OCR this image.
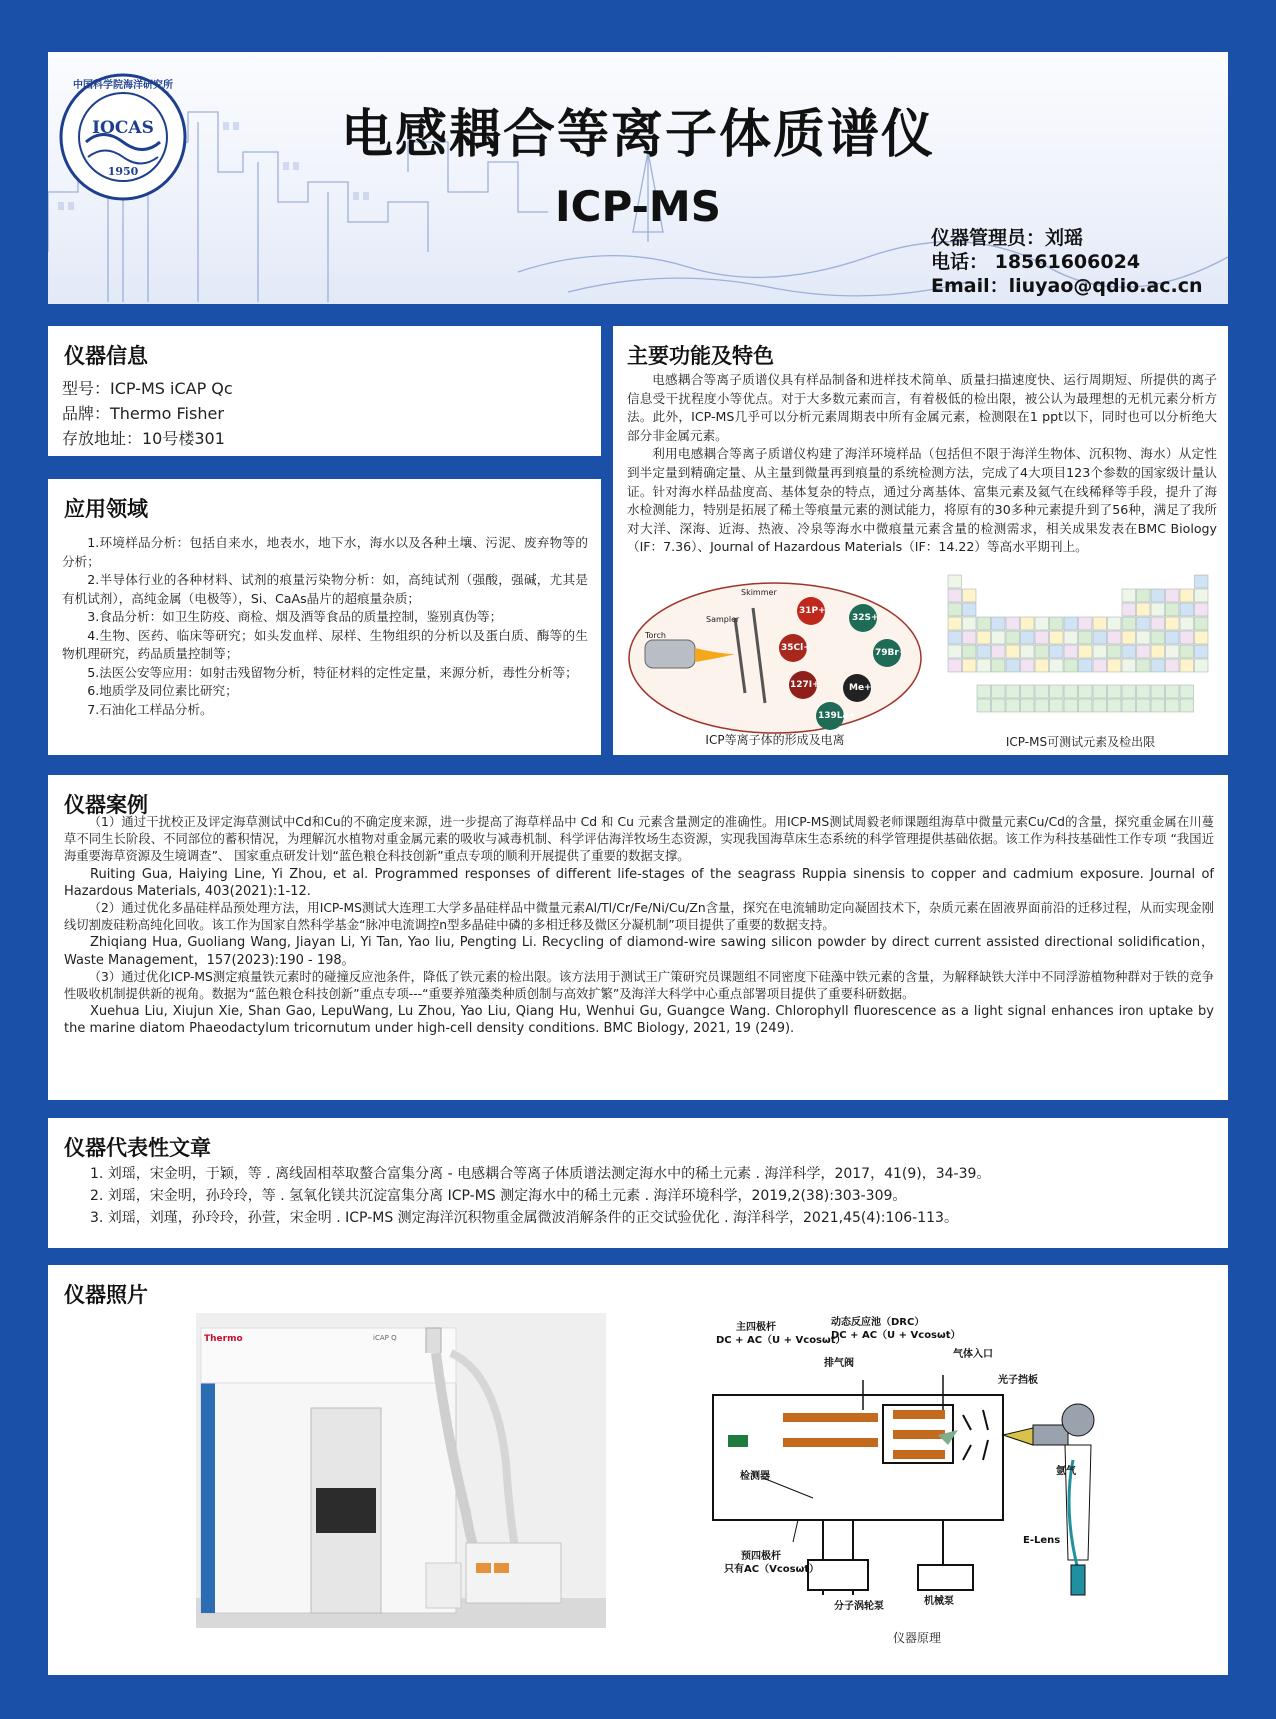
中国科学院海洋研究所
IOCAS
1950
电感耦合等离子体质谱仪
ICP-MS
仪器管理员：刘瑶
电话： 18561606024
Email：liuyao@qdio.ac.cn
仪器信息
型号：ICP-MS iCAP Qc
品牌：Thermo Fisher
存放地址：10号楼301
应用领域

1.环境样品分析：包括自来水，地表水，地下水，海水以及各种土壤、污泥、废弃物等的分析；

2.半导体行业的各种材料、试剂的痕量污染物分析：如，高纯试剂（强酸，强碱，尤其是有机试剂），高纯金属（电极等），Si、CaAs晶片的超痕量杂质；

3.食品分析：如卫生防疫、商检、烟及酒等食品的质量控制，鉴别真伪等；

4.生物、医药、临床等研究；如头发血样、尿样、生物组织的分析以及蛋白质、酶等的生物机理研究，药品质量控制等；

5.法医公安等应用：如射击残留物分析，特征材料的定性定量，来源分析，毒性分析等；

6.地质学及同位素比研究；

7.石油化工样品分析。

主要功能及特色

电感耦合等离子质谱仪具有样品制备和进样技术简单、质量扫描速度快、运行周期短、所提供的离子信息受干扰程度小等优点。对于大多数元素而言，有着极低的检出限，被公认为最理想的无机元素分析方法。此外，ICP-MS几乎可以分析元素周期表中所有金属元素，检测限在1 ppt以下，同时也可以分析绝大部分非金属元素。

利用电感耦合等离子质谱仪构建了海洋环境样品（包括但不限于海洋生物体、沉积物、海水）从定性到半定量到精确定量、从主量到微量再到痕量的系统检测方法，完成了4大项目123个参数的国家级计量认证。针对海水样品盐度高、基体复杂的特点，通过分离基体、富集元素及氦气在线稀释等手段，提升了海水检测能力，特别是拓展了稀土等痕量元素的测试能力，将原有的30多种元素提升到了56种，满足了我所对大洋、深海、近海、热液、冷泉等海水中微痕量元素含量的检测需求，相关成果发表在BMC Biology（IF：7.36）、Journal of Hazardous Materials（IF：14.22）等高水平期刊上。

Skimmer
Sampler
Torch
31P+
32S+
35Cl+	79Br+
127I+	Me+
139La+
ICP等离子体的形成及电离	ICP-MS可测试元素及检出限
仪器案例

（1）通过干扰校正及评定海草测试中Cd和Cu的不确定度来源，进一步提高了海草样品中 Cd 和 Cu 元素含量测定的准确性。用ICP-MS测试周毅老师课题组海草中微量元素Cu/Cd的含量，探究重金属在川蔓草不同生长阶段、不同部位的蓄积情况，为理解沉水植物对重金属元素的吸收与减毒机制、科学评估海洋牧场生态资源，实现我国海草床生态系统的科学管理提供基础依据。该工作为科技基础性工作专项 “我国近海重要海草资源及生境调查”、 国家重点研发计划“蓝色粮仓科技创新”重点专项的顺利开展提供了重要的数据支撑。

Ruiting Gua, Haiying Line, Yi Zhou, et al. Programmed responses of different life-stages of the seagrass Ruppia sinensis to copper and cadmium exposure. Journal of Hazardous Materials, 403(2021):1-12.

（2）通过优化多晶硅样品预处理方法，用ICP-MS测试大连理工大学多晶硅样品中微量元素Al/Tl/Cr/Fe/Ni/Cu/Zn含量，探究在电流辅助定向凝固技术下，杂质元素在固液界面前沿的迁移过程，从而实现金刚线切割废硅粉高纯化回收。该工作为国家自然科学基金“脉冲电流调控n型多晶硅中磷的多相迁移及微区分凝机制”项目提供了重要的数据支持。

Zhiqiang Hua, Guoliang Wang, Jiayan Li, Yi Tan, Yao liu, Pengting Li. Recycling of diamond-wire sawing silicon powder by direct current assisted directional solidification，Waste Management，157(2023):190 - 198。

（3）通过优化ICP-MS测定痕量铁元素时的碰撞反应池条件，降低了铁元素的检出限。该方法用于测试王广策研究员课题组不同密度下硅藻中铁元素的含量，为解释缺铁大洋中不同浮游植物种群对于铁的竞争性吸收机制提供新的视角。数据为“蓝色粮仓科技创新”重点专项---“重要养殖藻类种质创制与高效扩繁”及海洋大科学中心重点部署项目提供了重要科研数据。

Xuehua Liu, Xiujun Xie, Shan Gao, LepuWang, Lu Zhou, Yao Liu, Qiang Hu, Wenhui Gu, Guangce Wang. Chlorophyll fluorescence as a light signal enhances iron uptake by the marine diatom Phaeodactylum tricornutum under high-cell density conditions. BMC Biology, 2021, 19 (249).

仪器代表性文章
1. 刘瑶，宋金明，于颖，等 . 离线固相萃取螯合富集分离 - 电感耦合等离子体质谱法测定海水中的稀土元素 . 海洋科学，2017，41(9)，34-39。
2. 刘瑶，宋金明，孙玲玲，等 . 氢氧化镁共沉淀富集分离 ICP-MS 测定海水中的稀土元素 . 海洋环境科学，2019,2(38):303-309。
3. 刘瑶，刘瑾，孙玲玲，孙萱，宋金明 . ICP-MS 测定海洋沉积物重金属微波消解条件的正交试验优化 . 海洋科学，2021,45(4):106-113。
仪器照片
Thermo	iCAP Q
主四极杆
DC + AC（U + Vcosωt）
动态反应池（DRC）
DC + AC（U + Vcosωt）
排气阀
气体入口
光子挡板
检测器	氩气
E-Lens
预四极杆
只有AC（Vcosωt）
分子涡轮泵	机械泵
仪器原理
